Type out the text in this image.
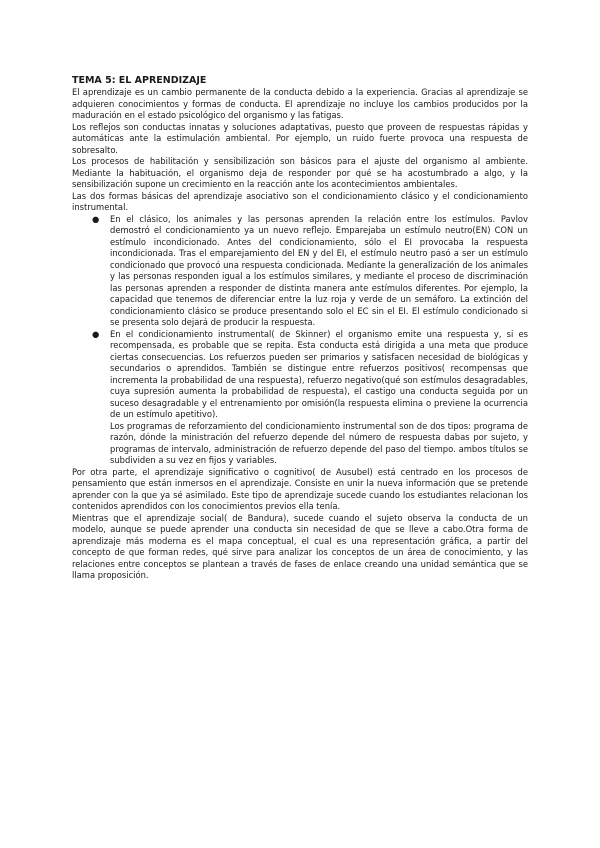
TEMA 5: EL APRENDIZAJE

El aprendizaje es un cambio permanente de la conducta debido a la experiencia. Gracias al aprendizaje se adquieren conocimientos y formas de conducta. El aprendizaje no incluye los cambios producidos por la maduración en el estado psicológico del organismo y las fatigas.

Los reflejos son conductas innatas y soluciones adaptativas, puesto que proveen de respuestas rápidas y automáticas ante la estimulación ambiental. Por ejemplo, un ruido fuerte provoca una respuesta de sobresalto.

Los procesos de habilitación y sensibilización son básicos para el ajuste del organismo al ambiente. Mediante la habituación, el organismo deja de responder por qué se ha acostumbrado a algo, y la sensibilización supone un crecimiento en la reacción ante los acontecimientos ambientales.

Las dos formas básicas del aprendizaje asociativo son el condicionamiento clásico y el condicionamiento instrumental.

● En el clásico, los animales y las personas aprenden la relación entre los estímulos. Pavlov demostró el condicionamiento ya un nuevo reflejo. Emparejaba un estímulo neutro(EN) CON un estímulo incondicionado. Antes del condicionamiento, sólo el EI provocaba la respuesta incondicionada. Tras el emparejamiento del EN y del EI, el estímulo neutro pasó a ser un estímulo condicionado que provocó una respuesta condicionada. Mediante la generalización de los animales y las personas responden igual a los estímulos similares, y mediante el proceso de discriminación las personas aprenden a responder de distinta manera ante estímulos diferentes. Por ejemplo, la capacidad que tenemos de diferenciar entre la luz roja y verde de un semáforo. La extinción del condicionamiento clásico se produce presentando solo el EC sin el EI. El estímulo condicionado si se presenta solo dejará de producir la respuesta.

● En el condicionamiento instrumental( de Skinner) el organismo emite una respuesta y, si es recompensada, es probable que se repita. Esta conducta está dirigida a una meta que produce ciertas consecuencias. Los refuerzos pueden ser primarios y satisfacen necesidad de biológicas y secundarios o aprendidos. También se distingue entre refuerzos positivos( recompensas que incrementa la probabilidad de una respuesta), refuerzo negativo(qué son estímulos desagradables, cuya supresión aumenta la probabilidad de respuesta), el castigo una conducta seguida por un suceso desagradable y el entrenamiento por omisión(la respuesta elimina o previene la ocurrencia de un estímulo apetitivo).

Los programas de reforzamiento del condicionamiento instrumental son de dos tipos: programa de razón, dónde la ministración del refuerzo depende del número de respuesta dabas por sujeto, y programas de intervalo, administración de refuerzo depende del paso del tiempo. ambos títulos se subdividen a su vez en fijos y variables.

Por otra parte, el aprendizaje significativo o cognitivo( de Ausubel) está centrado en los procesos de pensamiento que están inmersos en el aprendizaje. Consiste en unir la nueva información que se pretende aprender con la que ya sé asimilado. Este tipo de aprendizaje sucede cuando los estudiantes relacionan los contenidos aprendidos con los conocimientos previos ella tenía.

Mientras que el aprendizaje social( de Bandura), sucede cuando el sujeto observa la conducta de un modelo, aunque se puede aprender una conducta sin necesidad de que se lleve a cabo.Otra forma de aprendizaje más moderna es el mapa conceptual, el cual es una representación gráfica, a partir del concepto de que forman redes, qué sirve para analizar los conceptos de un área de conocimiento, y las relaciones entre conceptos se plantean a través de fases de enlace creando una unidad semántica que se llama proposición.
